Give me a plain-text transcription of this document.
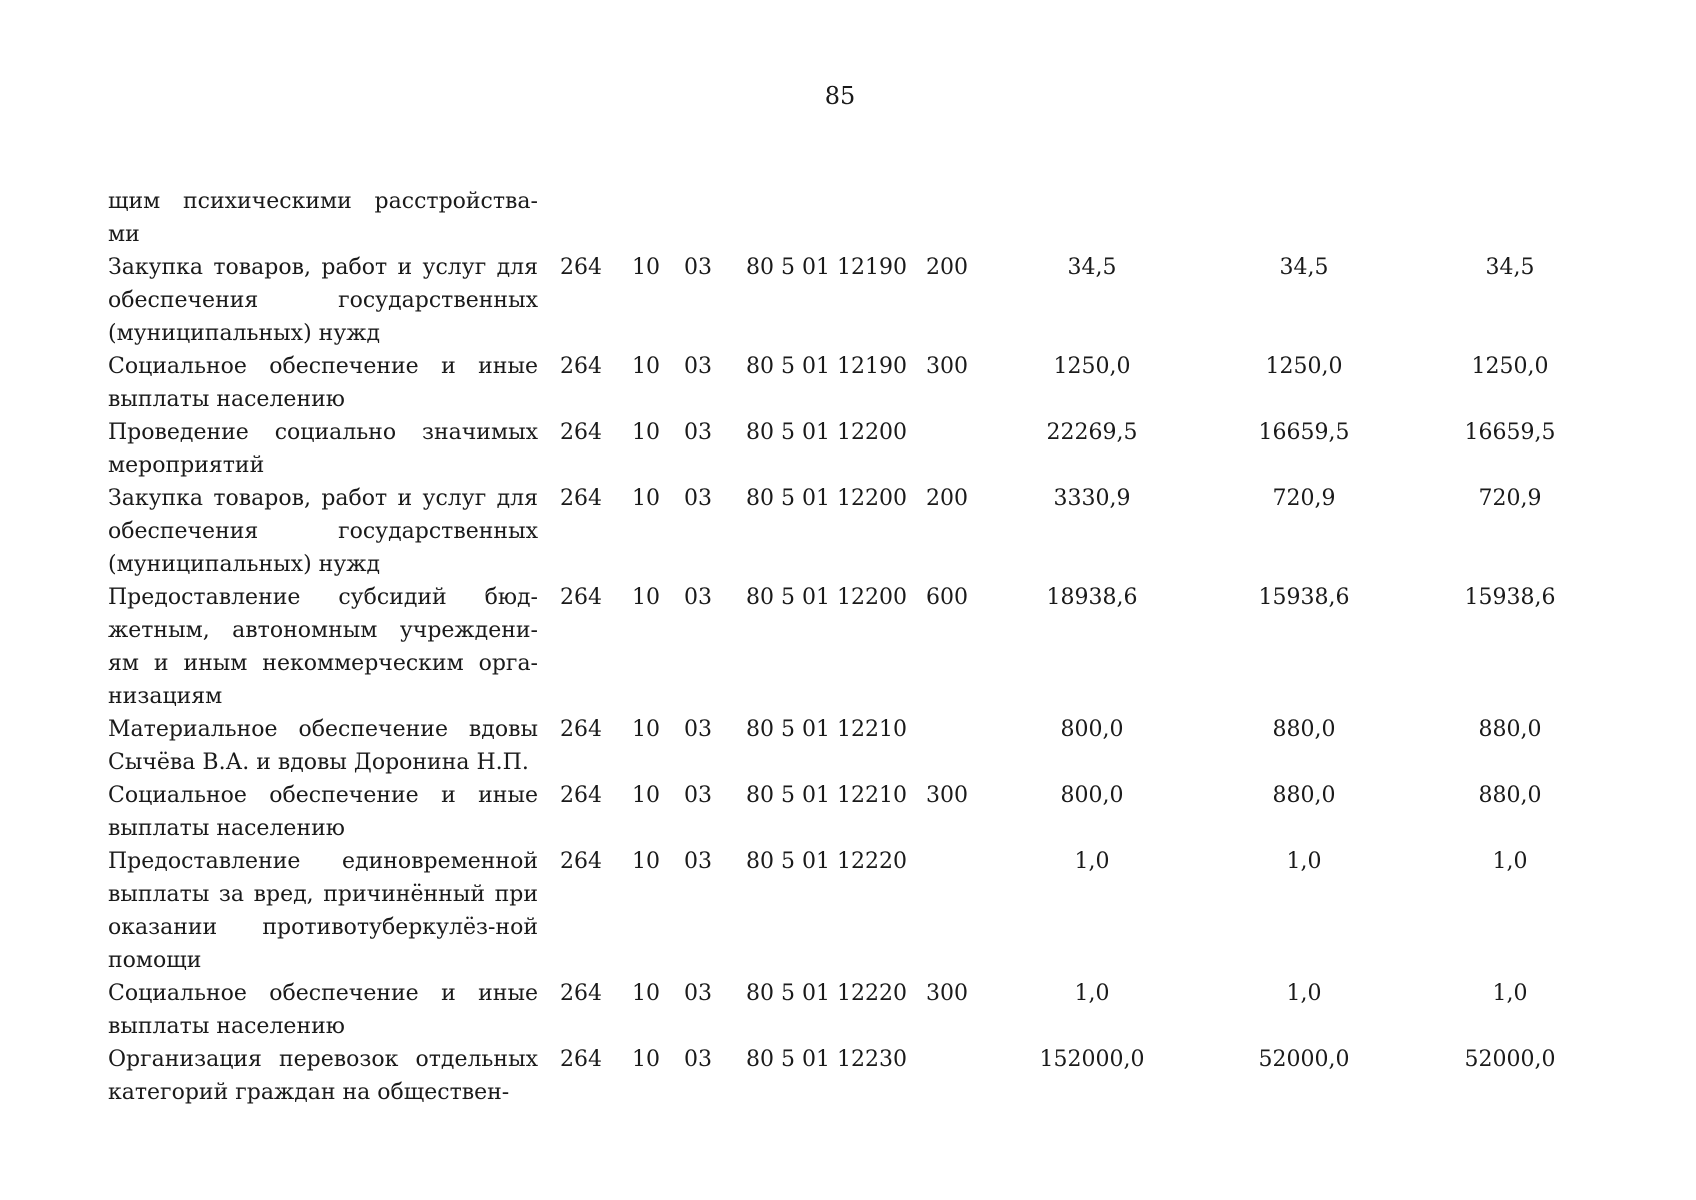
85
щим психическими расстройства-ми								
Закупка товаров, работ и услуг для обеспечения государственных (муниципальных) нужд	264	10	03	80 5 01 12190	200	34,5	34,5	34,5
Социальное обеспечение и иные выплаты населению	264	10	03	80 5 01 12190	300	1250,0	1250,0	1250,0
Проведение социально значимых мероприятий	264	10	03	80 5 01 12200		22269,5	16659,5	16659,5
Закупка товаров, работ и услуг для обеспечения государственных (муниципальных) нужд	264	10	03	80 5 01 12200	200	3330,9	720,9	720,9
Предоставление субсидий бюд-жетным, автономным учреждени-ям и иным некоммерческим орга-низациям	264	10	03	80 5 01 12200	600	18938,6	15938,6	15938,6
Материальное обеспечение вдовы Сычёва В.А. и вдовы Доронина Н.П.	264	10	03	80 5 01 12210		800,0	880,0	880,0
Социальное обеспечение и иные выплаты населению	264	10	03	80 5 01 12210	300	800,0	880,0	880,0
Предоставление единовременной выплаты за вред, причинённый при оказании противотуберкулёз-ной помощи	264	10	03	80 5 01 12220		1,0	1,0	1,0
Социальное обеспечение и иные выплаты населению	264	10	03	80 5 01 12220	300	1,0	1,0	1,0
Организация перевозок отдельных категорий граждан на обществен-	264	10	03	80 5 01 12230		152000,0	52000,0	52000,0
